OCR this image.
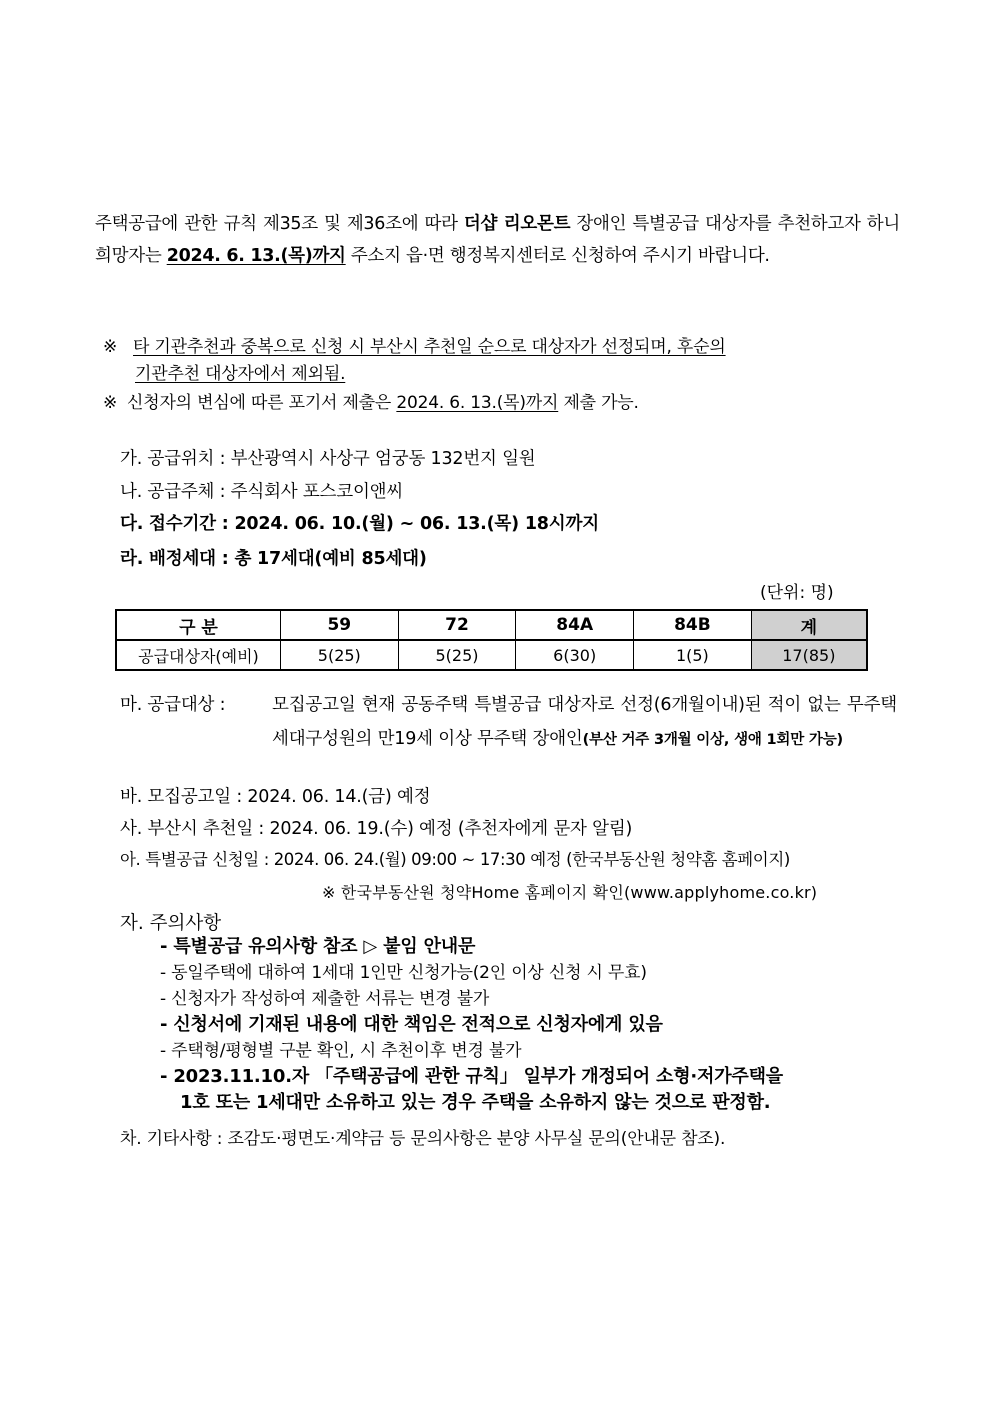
주택공급에 관한 규칙 제35조 및 제36조에 따라 더샵 리오몬트 장애인 특별공급 대상자를 추천하고자 하니 희망자는 2024. 6. 13.(목)까지 주소지 읍·면 행정복지센터로 신청하여 주시기 바랍니다.
※ 타 기관추천과 중복으로 신청 시 부산시 추천일 순으로 대상자가 선정되며, 후순의
기관추천 대상자에서 제외됨.
※ 신청자의 변심에 따른 포기서 제출은 2024. 6. 13.(목)까지 제출 가능.
가. 공급위치 : 부산광역시 사상구 엄궁동 132번지 일원
나. 공급주체 : 주식회사 포스코이앤씨
다. 접수기간 : 2024. 06. 10.(월) ~ 06. 13.(목) 18시까지
라. 배정세대 : 총 17세대(예비 85세대)
(단위: 명)
구 분	59	72	84A	84B	계
공급대상자(예비)	5(25)	5(25)	6(30)	1(5)	17(85)
마. 공급대상 :	모집공고일 현재 공동주택 특별공급 대상자로 선정(6개월이내)된 적이 없는 무주택 세대구성원의 만19세 이상 무주택 장애인(부산 거주 3개월 이상, 생애 1회만 가능)
바. 모집공고일 : 2024. 06. 14.(금) 예정
사. 부산시 추천일 : 2024. 06. 19.(수) 예정 (추천자에게 문자 알림)
아. 특별공급 신청일 : 2024. 06. 24.(월) 09:00 ~ 17:30 예정 (한국부동산원 청약홈 홈페이지)
※ 한국부동산원 청약Home 홈페이지 확인(www.applyhome.co.kr)
자. 주의사항
- 특별공급 유의사항 참조 ▷ 붙임 안내문
- 동일주택에 대하여 1세대 1인만 신청가능(2인 이상 신청 시 무효)
- 신청자가 작성하여 제출한 서류는 변경 불가
- 신청서에 기재된 내용에 대한 책임은 전적으로 신청자에게 있음
- 주택형/평형별 구분 확인, 시 추천이후 변경 불가
- 2023.11.10.자 「주택공급에 관한 규칙」 일부가 개정되어 소형·저가주택을
1호 또는 1세대만 소유하고 있는 경우 주택을 소유하지 않는 것으로 판정함.
차. 기타사항 : 조감도·평면도·계약금 등 문의사항은 분양 사무실 문의(안내문 참조).
